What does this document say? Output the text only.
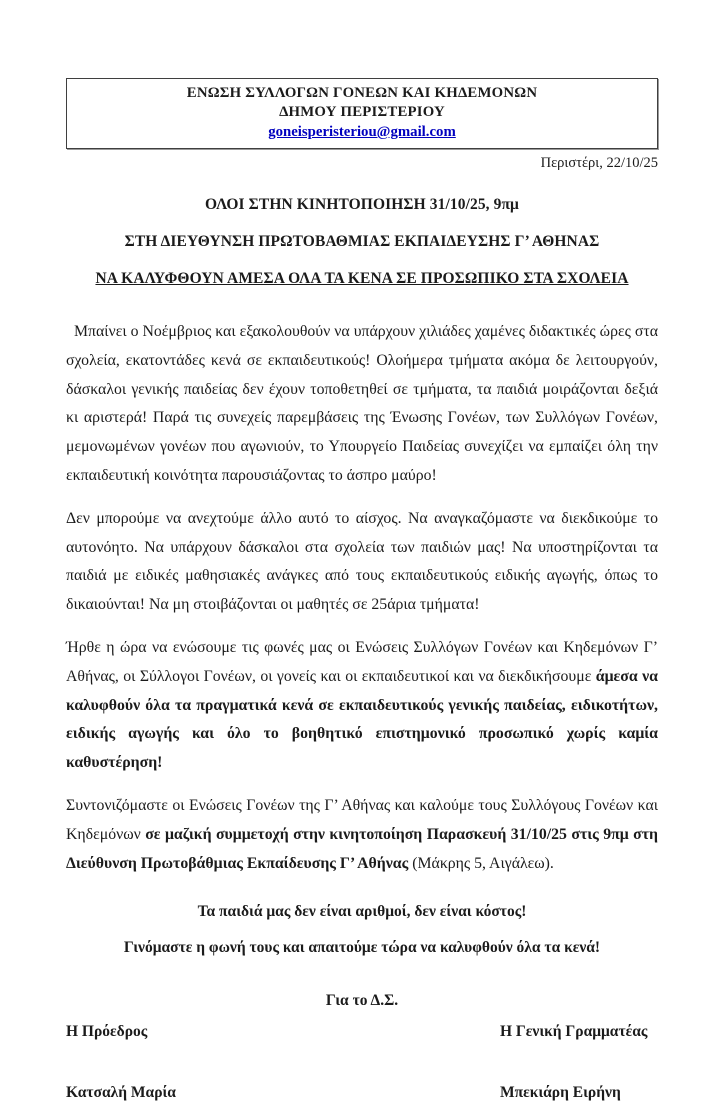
ΕΝΩΣΗ ΣΥΛΛΟΓΩΝ ΓΟΝΕΩΝ ΚΑΙ ΚΗΔΕΜΟΝΩΝ
ΔΗΜΟΥ ΠΕΡΙΣΤΕΡΙΟΥ
goneisperisteriou@gmail.com
Περιστέρι, 22/10/25
ΟΛΟΙ ΣΤΗΝ ΚΙΝΗΤΟΠΟΙΗΣΗ 31/10/25, 9πμ
ΣΤΗ ΔΙΕΥΘΥΝΣΗ ΠΡΩΤΟΒΑΘΜΙΑΣ ΕΚΠΑΙΔΕΥΣΗΣ Γ’ ΑΘΗΝΑΣ
ΝΑ ΚΑΛΥΦΘΟΥΝ ΑΜΕΣΑ ΟΛΑ ΤΑ ΚΕΝΑ ΣΕ ΠΡΟΣΩΠΙΚΟ ΣΤΑ ΣΧΟΛΕΙΑ

Μπαίνει ο Νοέμβριος και εξακολουθούν να υπάρχουν χιλιάδες χαμένες διδακτικές ώρες στα σχολεία, εκατοντάδες κενά σε εκπαιδευτικούς! Ολοήμερα τμήματα ακόμα δε λειτουργούν, δάσκαλοι γενικής παιδείας δεν έχουν τοποθετηθεί σε τμήματα, τα παιδιά μοιράζονται δεξιά κι αριστερά! Παρά τις συνεχείς παρεμβάσεις της Ένωσης Γονέων, των Συλλόγων Γονέων, μεμονωμένων γονέων που αγωνιούν, το Υπουργείο Παιδείας συνεχίζει να εμπαίζει όλη την εκπαιδευτική κοινότητα παρουσιάζοντας το άσπρο μαύρο!

Δεν μπορούμε να ανεχτούμε άλλο αυτό το αίσχος. Να αναγκαζόμαστε να διεκδικούμε το αυτονόητο. Να υπάρχουν δάσκαλοι στα σχολεία των παιδιών μας! Να υποστηρίζονται τα παιδιά με ειδικές μαθησιακές ανάγκες από τους εκπαιδευτικούς ειδικής αγωγής, όπως το δικαιούνται! Να μη στοιβάζονται οι μαθητές σε 25άρια τμήματα!

Ήρθε η ώρα να ενώσουμε τις φωνές μας οι Ενώσεις Συλλόγων Γονέων και Κηδεμόνων Γ’ Αθήνας, οι Σύλλογοι Γονέων, οι γονείς και οι εκπαιδευτικοί και να διεκδικήσουμε άμεσα να καλυφθούν όλα τα πραγματικά κενά σε εκπαιδευτικούς γενικής παιδείας, ειδικοτήτων, ειδικής αγωγής και όλο το βοηθητικό επιστημονικό προσωπικό χωρίς καμία καθυστέρηση!

Συντονιζόμαστε οι Ενώσεις Γονέων της Γ’ Αθήνας και καλούμε τους Συλλόγους Γονέων και Κηδεμόνων σε μαζική συμμετοχή στην κινητοποίηση Παρασκευή 31/10/25 στις 9πμ στη Διεύθυνση Πρωτοβάθμιας Εκπαίδευσης Γ’ Αθήνας (Μάκρης 5, Αιγάλεω).

Τα παιδιά μας δεν είναι αριθμοί, δεν είναι κόστος!
Γινόμαστε η φωνή τους και απαιτούμε τώρα να καλυφθούν όλα τα κενά!
Για το Δ.Σ.
Η Πρόεδρος	Η Γενική Γραμματέας
Κατσαλή Μαρία	Μπεκιάρη Ειρήνη
